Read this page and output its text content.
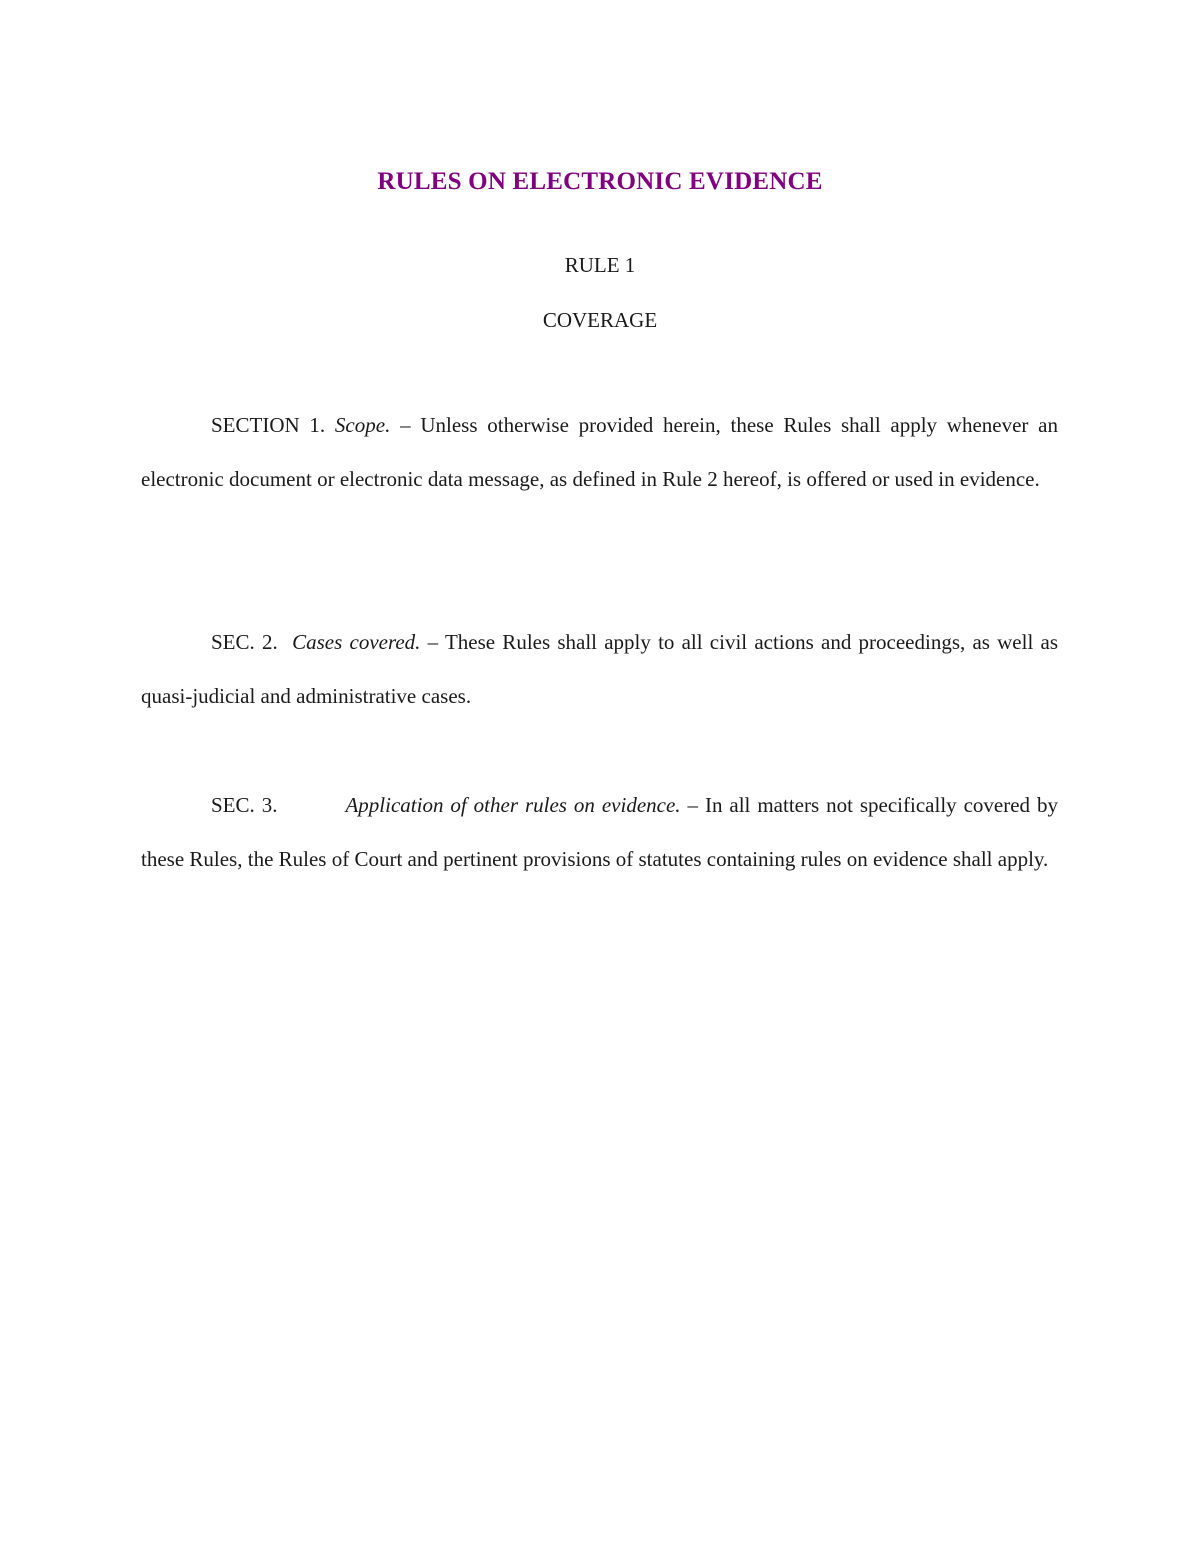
RULES ON ELECTRONIC EVIDENCE
RULE 1
COVERAGE

SECTION 1. Scope. – Unless otherwise provided herein, these Rules shall apply whenever an electronic document or electronic data message, as defined in Rule 2 hereof, is offered or used in evidence.

SEC. 2. Cases covered. – These Rules shall apply to all civil actions and proceedings, as well as quasi-judicial and administrative cases.

SEC. 3.	Application of other rules on evidence. – In all matters not specifically covered by these Rules, the Rules of Court and pertinent provisions of statutes containing rules on evidence shall apply.
